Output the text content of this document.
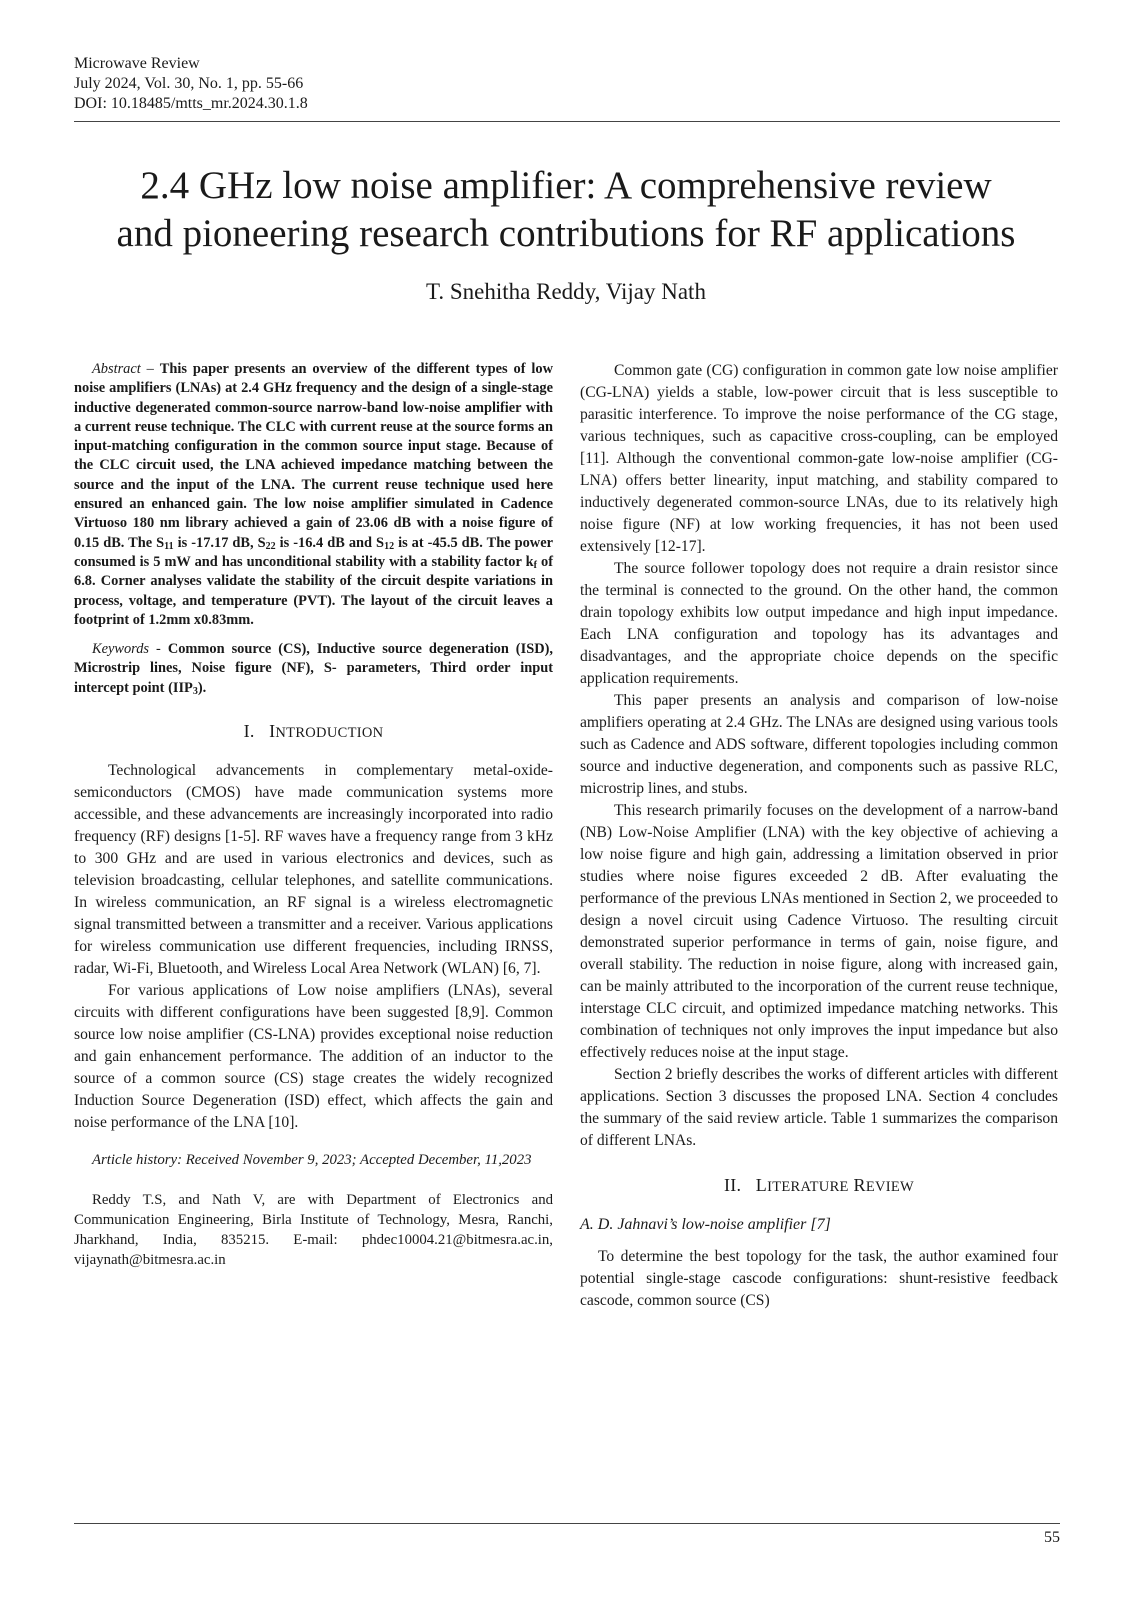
Microwave Review
July 2024, Vol. 30, No. 1, pp. 55-66
DOI: 10.18485/mtts_mr.2024.30.1.8
2.4 GHz low noise amplifier: A comprehensive review
and pioneering research contributions for RF applications
T. Snehitha Reddy, Vijay Nath

Abstract – This paper presents an overview of the different types of low noise amplifiers (LNAs) at 2.4 GHz frequency and the design of a single-stage inductive degenerated common-source narrow-band low-noise amplifier with a current reuse technique. The CLC with current reuse at the source forms an input-matching configuration in the common source input stage. Because of the CLC circuit used, the LNA achieved impedance matching between the source and the input of the LNA. The current reuse technique used here ensured an enhanced gain. The low noise amplifier simulated in Cadence Virtuoso 180 nm library achieved a gain of 23.06 dB with a noise figure of 0.15 dB. The $S_{11}$ is -17.17 dB, $S_{22}$ is -16.4 dB and $S_{12}$ is at -45.5 dB. The power consumed is 5 mW and has unconditional stability with a stability factor $k_f$ of 6.8. Corner analyses validate the stability of the circuit despite variations in process, voltage, and temperature (PVT). The layout of the circuit leaves a footprint of 1.2mm x0.83mm.

Keywords - Common source (CS), Inductive source degeneration (ISD), Microstrip lines, Noise figure (NF), S- parameters, Third order input intercept point $(IIP_3)$.

I. INTRODUCTION

Technological advancements in complementary metal-oxide-semiconductors (CMOS) have made communication systems more accessible, and these advancements are increasingly incorporated into radio frequency (RF) designs [1-5]. RF waves have a frequency range from 3 kHz to 300 GHz and are used in various electronics and devices, such as television broadcasting, cellular telephones, and satellite communications. In wireless communication, an RF signal is a wireless electromagnetic signal transmitted between a transmitter and a receiver. Various applications for wireless communication use different frequencies, including IRNSS, radar, Wi-Fi, Bluetooth, and Wireless Local Area Network (WLAN) [6, 7].

For various applications of Low noise amplifiers (LNAs), several circuits with different configurations have been suggested [8,9]. Common source low noise amplifier (CS-LNA) provides exceptional noise reduction and gain enhancement performance. The addition of an inductor to the source of a common source (CS) stage creates the widely recognized Induction Source Degeneration (ISD) effect, which affects the gain and noise performance of the LNA [10].

Article history: Received November 9, 2023; Accepted December, 11,2023

Reddy T.S, and Nath V, are with Department of Electronics and Communication Engineering, Birla Institute of Technology, Mesra, Ranchi, Jharkhand, India, 835215. E-mail: phdec10004.21@bitmesra.ac.in, vijaynath@bitmesra.ac.in

Common gate (CG) configuration in common gate low noise amplifier (CG-LNA) yields a stable, low-power circuit that is less susceptible to parasitic interference. To improve the noise performance of the CG stage, various techniques, such as capacitive cross-coupling, can be employed [11]. Although the conventional common-gate low-noise amplifier (CG-LNA) offers better linearity, input matching, and stability compared to inductively degenerated common-source LNAs, due to its relatively high noise figure (NF) at low working frequencies, it has not been used extensively [12-17].

The source follower topology does not require a drain resistor since the terminal is connected to the ground. On the other hand, the common drain topology exhibits low output impedance and high input impedance. Each LNA configuration and topology has its advantages and disadvantages, and the appropriate choice depends on the specific application requirements.

This paper presents an analysis and comparison of low-noise amplifiers operating at 2.4 GHz. The LNAs are designed using various tools such as Cadence and ADS software, different topologies including common source and inductive degeneration, and components such as passive RLC, microstrip lines, and stubs.

This research primarily focuses on the development of a narrow-band (NB) Low-Noise Amplifier (LNA) with the key objective of achieving a low noise figure and high gain, addressing a limitation observed in prior studies where noise figures exceeded 2 dB. After evaluating the performance of the previous LNAs mentioned in Section 2, we proceeded to design a novel circuit using Cadence Virtuoso. The resulting circuit demonstrated superior performance in terms of gain, noise figure, and overall stability. The reduction in noise figure, along with increased gain, can be mainly attributed to the incorporation of the current reuse technique, interstage CLC circuit, and optimized impedance matching networks. This combination of techniques not only improves the input impedance but also effectively reduces noise at the input stage.

Section 2 briefly describes the works of different articles with different applications. Section 3 discusses the proposed LNA. Section 4 concludes the summary of the said review article. Table 1 summarizes the comparison of different LNAs.

II. LITERATURE REVIEW
A. D. Jahnavi’s low-noise amplifier [7]

To determine the best topology for the task, the author examined four potential single-stage cascode configurations: shunt-resistive feedback cascode, common source (CS)

55
